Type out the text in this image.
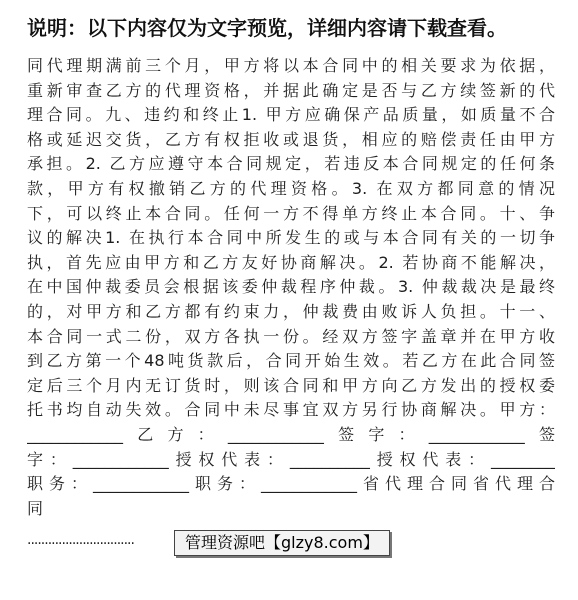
说明：以下内容仅为文字预览，详细内容请下载查看。
同代理期满前三个月，甲方将以本合同中的相关要求为依据，
重新审查乙方的代理资格，并据此确定是否与乙方续签新的代
理合同。九、违约和终止1. 甲方应确保产品质量，如质量不合
格或延迟交货，乙方有权拒收或退货，相应的赔偿责任由甲方
承担。2. 乙方应遵守本合同规定，若违反本合同规定的任何条
款，甲方有权撤销乙方的代理资格。3. 在双方都同意的情况
下，可以终止本合同。任何一方不得单方终止本合同。十、争
议的解决1. 在执行本合同中所发生的或与本合同有关的一切争
执，首先应由甲方和乙方友好协商解决。2. 若协商不能解决，
在中国仲裁委员会根据该委仲裁程序仲裁。3. 仲裁裁决是最终
的，对甲方和乙方都有约束力，仲裁费由败诉人负担。十一、
本合同一式二份，双方各执一份。经双方签字盖章并在甲方收
到乙方第一个48吨货款后，合同开始生效。若乙方在此合同签
定后三个月内无订货时，则该合同和甲方向乙方发出的授权委
托书均自动失效。合同中未尽事宜双方另行协商解决。甲方：
____________乙方：____________签字：____________签
字：____________授权代表：__________授权代表：________
职务：____________职务：____________省代理合同省代理合
同
·······························	管理资源吧【glzy8.com】
